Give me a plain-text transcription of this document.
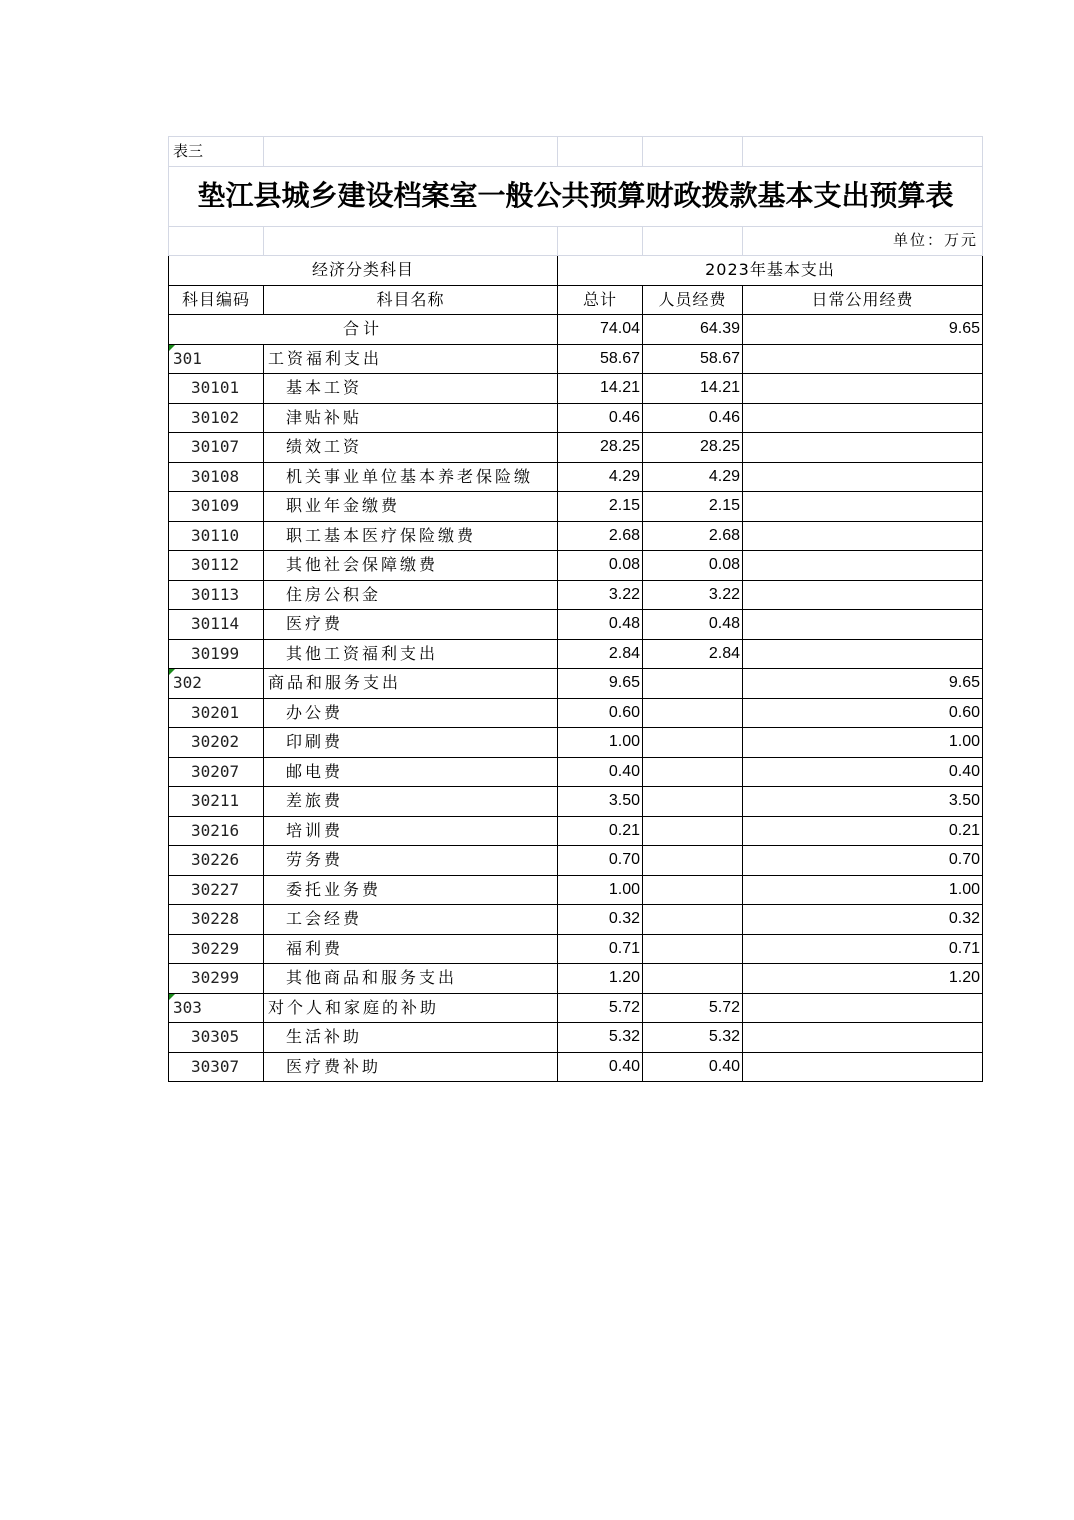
表三				
垫江县城乡建设档案室一般公共预算财政拨款基本支出预算表				
				单位：万元
经济分类科目		2023年基本支出		
科目编码	科目名称	总计	人员经费	日常公用经费
合计		74.04	64.39	9.65

301	工资福利支出	58.67	58.67	
30101	基本工资	14.21	14.21	
30102	津贴补贴	0.46	0.46	
30107	绩效工资	28.25	28.25	
30108	机关事业单位基本养老保险缴	4.29	4.29	
30109	职业年金缴费	2.15	2.15	
30110	职工基本医疗保险缴费	2.68	2.68	
30112	其他社会保障缴费	0.08	0.08	
30113	住房公积金	3.22	3.22	
30114	医疗费	0.48	0.48	
30199	其他工资福利支出	2.84	2.84	

302	商品和服务支出	9.65		9.65
30201	办公费	0.60		0.60
30202	印刷费	1.00		1.00
30207	邮电费	0.40		0.40
30211	差旅费	3.50		3.50
30216	培训费	0.21		0.21
30226	劳务费	0.70		0.70
30227	委托业务费	1.00		1.00
30228	工会经费	0.32		0.32
30229	福利费	0.71		0.71
30299	其他商品和服务支出	1.20		1.20

303	对个人和家庭的补助	5.72	5.72	
30305	生活补助	5.32	5.32	
30307	医疗费补助	0.40	0.40	
